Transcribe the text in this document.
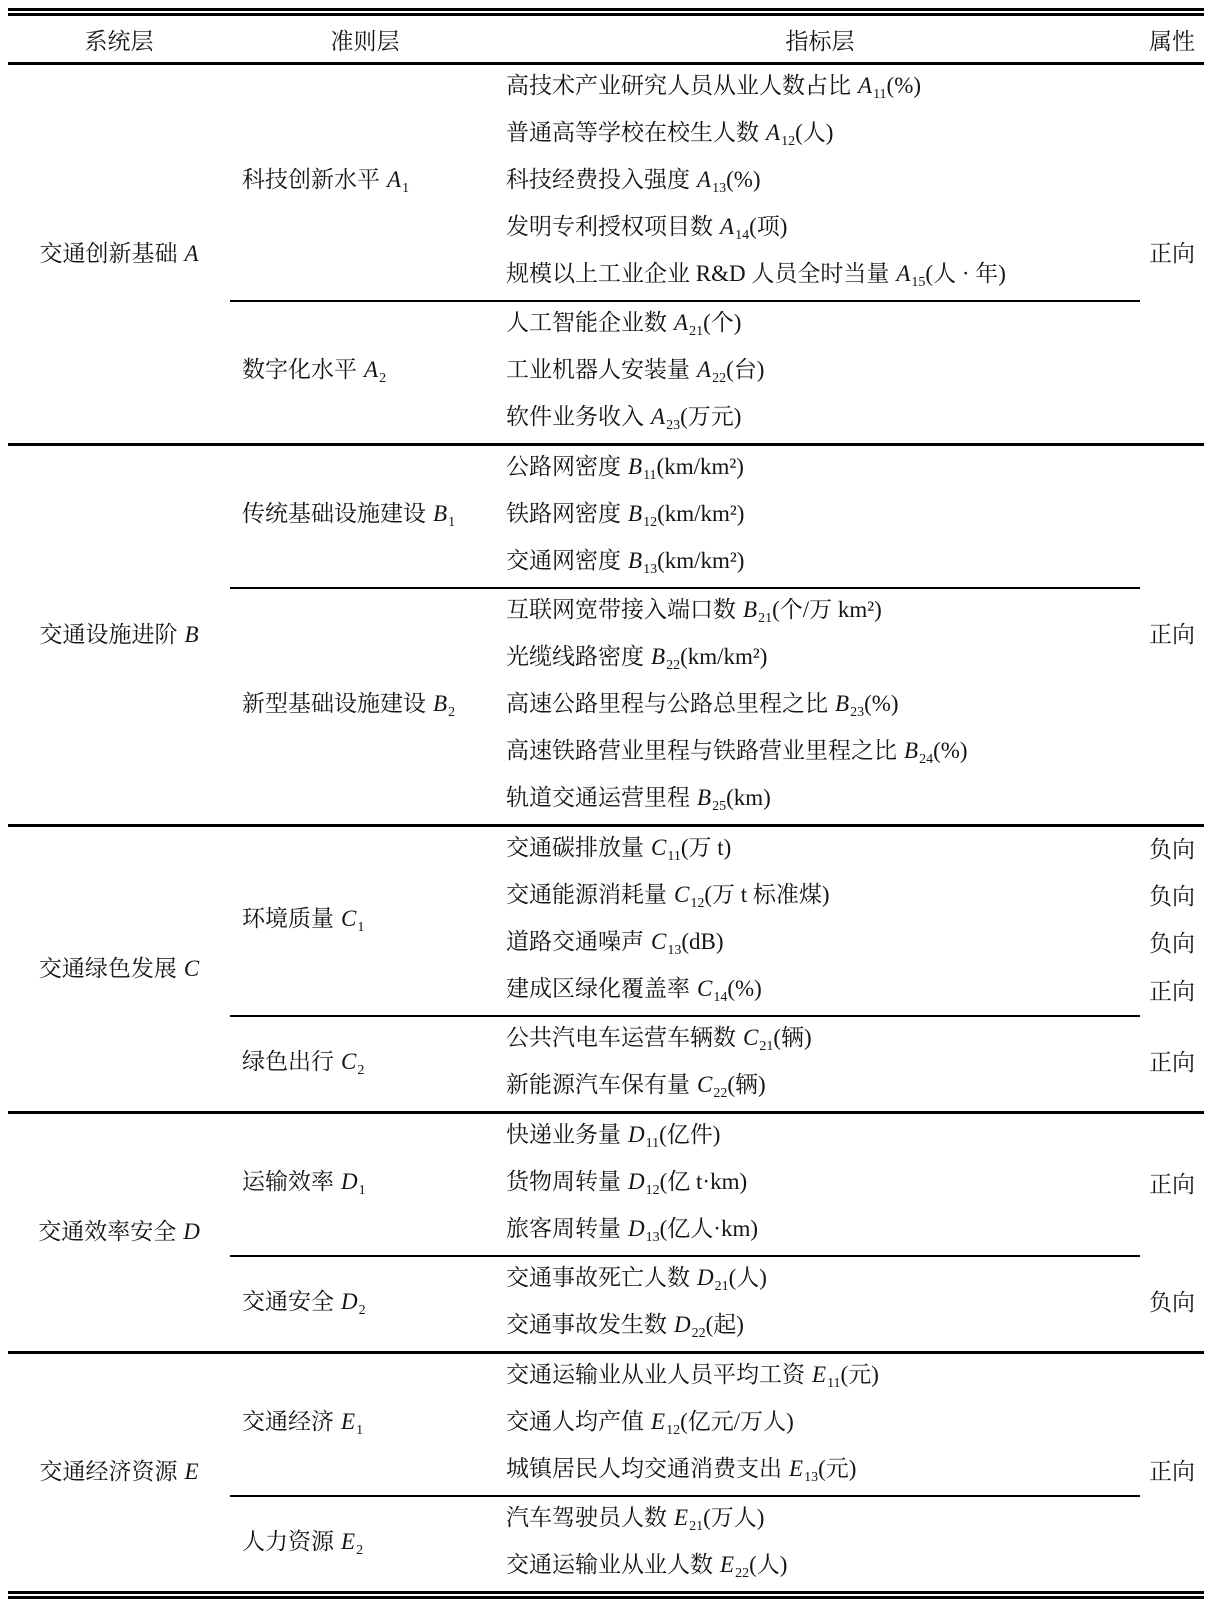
系统层	准则层	指标层	属性
交通创新基础 A	科技创新水平 $A_1$	高技术产业研究人员从业人数占比 $A_{11}(\%)$	正向
		普通高等学校在校生人数 $A_{12}$(人)	
		科技经费投入强度 $A_{13}(\%)$	
		发明专利授权项目数 $A_{14}$(项)	
		规模以上工业企业 R&D 人员全时当量 $A_{15}$(人 · 年)	
	数字化水平 $A_2$	人工智能企业数 $A_{21}$(个)	
		工业机器人安装量 $A_{22}$(台)	
		软件业务收入 $A_{23}$(万元)	
交通设施进阶 B	传统基础设施建设 $B_1$	公路网密度 $B_{11}(km/km^2)$	正向
		铁路网密度 $B_{12}(km/km^2)$	
		交通网密度 $B_{13}(km/km^2)$	
	新型基础设施建设 $B_2$	互联网宽带接入端口数 $B_{21}$(个/万 km²)	
		光缆线路密度 $B_{22}(km/km^2)$	
		高速公路里程与公路总里程之比 $B_{23}(\%)$	
		高速铁路营业里程与铁路营业里程之比 $B_{24}(\%)$	
		轨道交通运营里程 $B_{25}(km)$	
交通绿色发展 C	环境质量 $C_1$	交通碳排放量 $C_{11}$(万 t)	负向
		交通能源消耗量 $C_{12}$(万 t 标准煤)	负向
		道路交通噪声 $C_{13}(dB)$	负向
		建成区绿化覆盖率 $C_{14}(\%)$	正向
	绿色出行 $C_2$	公共汽电车运营车辆数 $C_{21}$(辆)	正向
		新能源汽车保有量 $C_{22}$(辆)	
交通效率安全 D	运输效率 $D_1$	快递业务量 $D_{11}$(亿件)	正向
		货物周转量 $D_{12}$(亿 t·km)	
		旅客周转量 $D_{13}$(亿人·km)	
	交通安全 $D_2$	交通事故死亡人数 $D_{21}$(人)	负向
		交通事故发生数 $D_{22}$(起)	
交通经济资源 E	交通经济 $E_1$	交通运输业从业人员平均工资 $E_{11}$(元)	正向
		交通人均产值 $E_{12}$(亿元/万人)	
		城镇居民人均交通消费支出 $E_{13}$(元)	
	人力资源 $E_2$	汽车驾驶员人数 $E_{21}$(万人)	
		交通运输业从业人数 $E_{22}$(人)	
